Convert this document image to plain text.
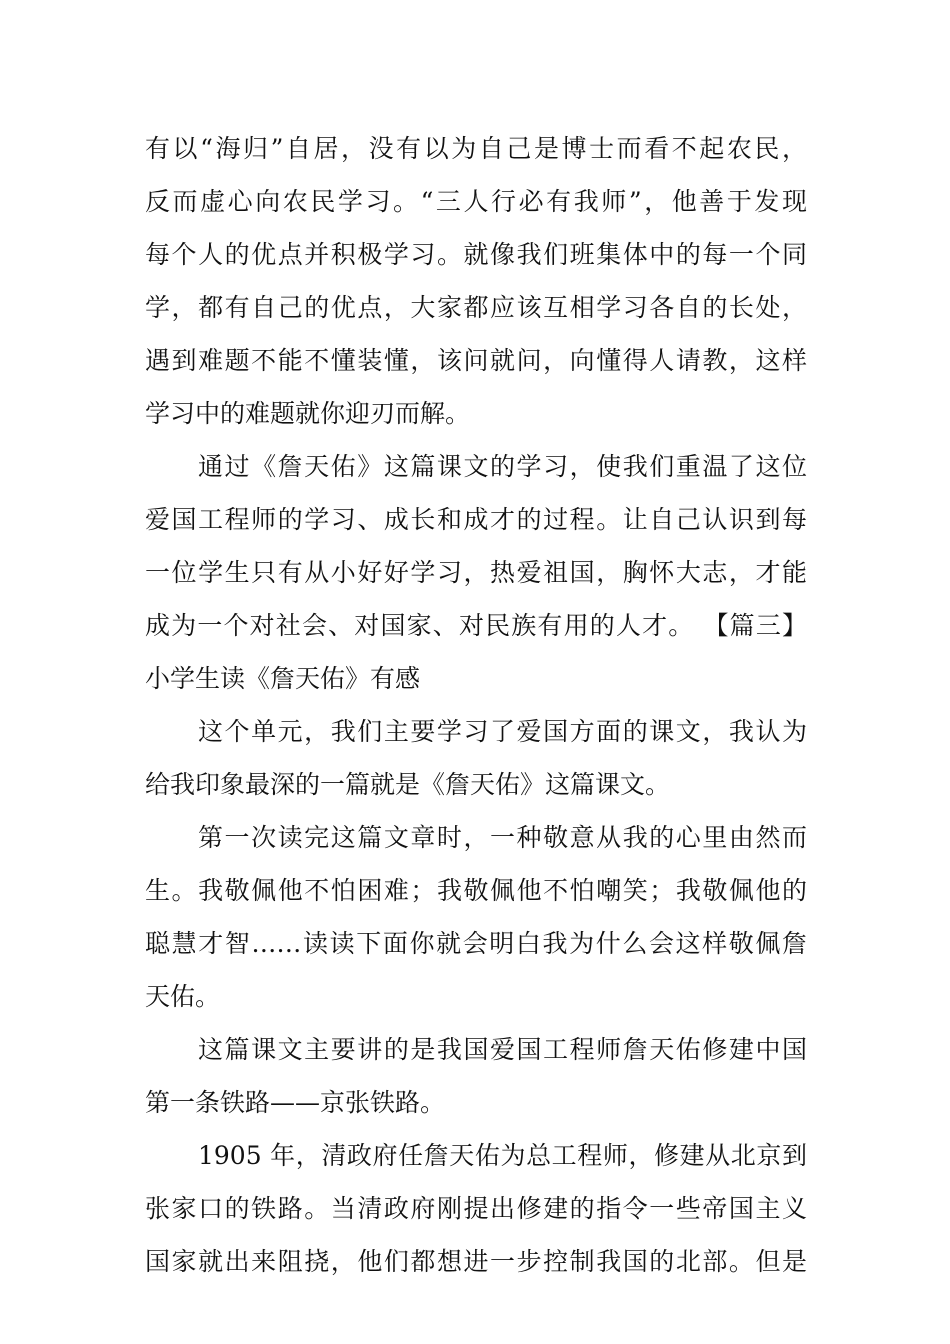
有以“海归”自居，没有以为自己是博士而看不起农民，
反而虚心向农民学习。“三人行必有我师”，他善于发现
每个人的优点并积极学习。就像我们班集体中的每一个同
学，都有自己的优点，大家都应该互相学习各自的长处，
遇到难题不能不懂装懂，该问就问，向懂得人请教，这样
学习中的难题就你迎刃而解。
通过《詹天佑》这篇课文的学习，使我们重温了这位
爱国工程师的学习、成长和成才的过程。让自己认识到每
一位学生只有从小好好学习，热爱祖国，胸怀大志，才能
成为一个对社会、对国家、对民族有用的人才。 【篇三】
小学生读《詹天佑》有感
这个单元，我们主要学习了爱国方面的课文，我认为
给我印象最深的一篇就是《詹天佑》这篇课文。
第一次读完这篇文章时，一种敬意从我的心里由然而
生。我敬佩他不怕困难；我敬佩他不怕嘲笑；我敬佩他的
聪慧才智……读读下面你就会明白我为什么会这样敬佩詹
天佑。
这篇课文主要讲的是我国爱国工程师詹天佑修建中国
第一条铁路——京张铁路。
1905 年，清政府任詹天佑为总工程师，修建从北京到
张家口的铁路。当清政府刚提出修建的指令一些帝国主义
国家就出来阻挠，他们都想进一步控制我国的北部。但是
